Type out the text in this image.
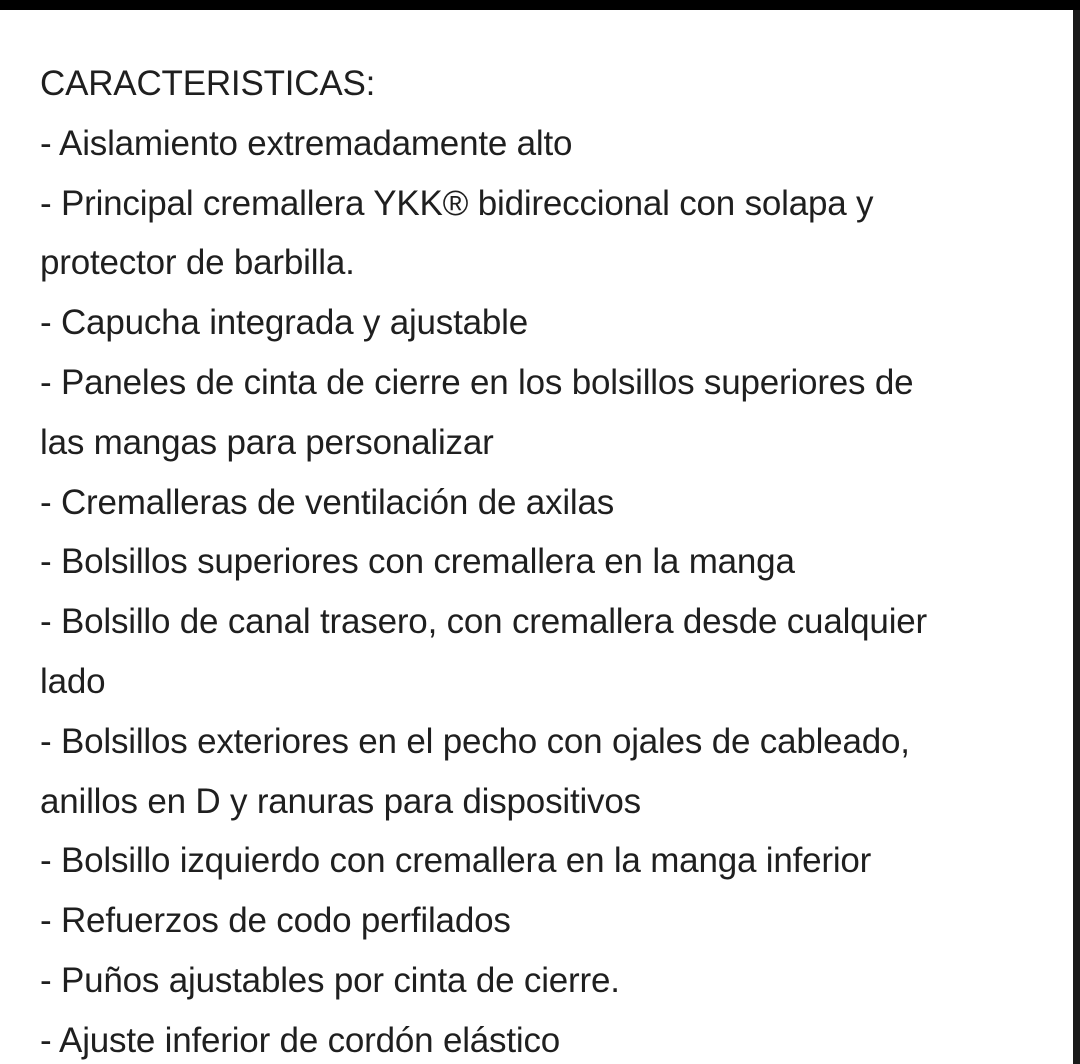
CARACTERISTICAS:
- Aislamiento extremadamente alto
- Principal cremallera YKK® bidireccional con solapa y
protector de barbilla.
- Capucha integrada y ajustable
- Paneles de cinta de cierre en los bolsillos superiores de
las mangas para personalizar
- Cremalleras de ventilación de axilas
- Bolsillos superiores con cremallera en la manga
- Bolsillo de canal trasero, con cremallera desde cualquier
lado
- Bolsillos exteriores en el pecho con ojales de cableado,
anillos en D y ranuras para dispositivos
- Bolsillo izquierdo con cremallera en la manga inferior
- Refuerzos de codo perfilados
- Puños ajustables por cinta de cierre.
- Ajuste inferior de cordón elástico
